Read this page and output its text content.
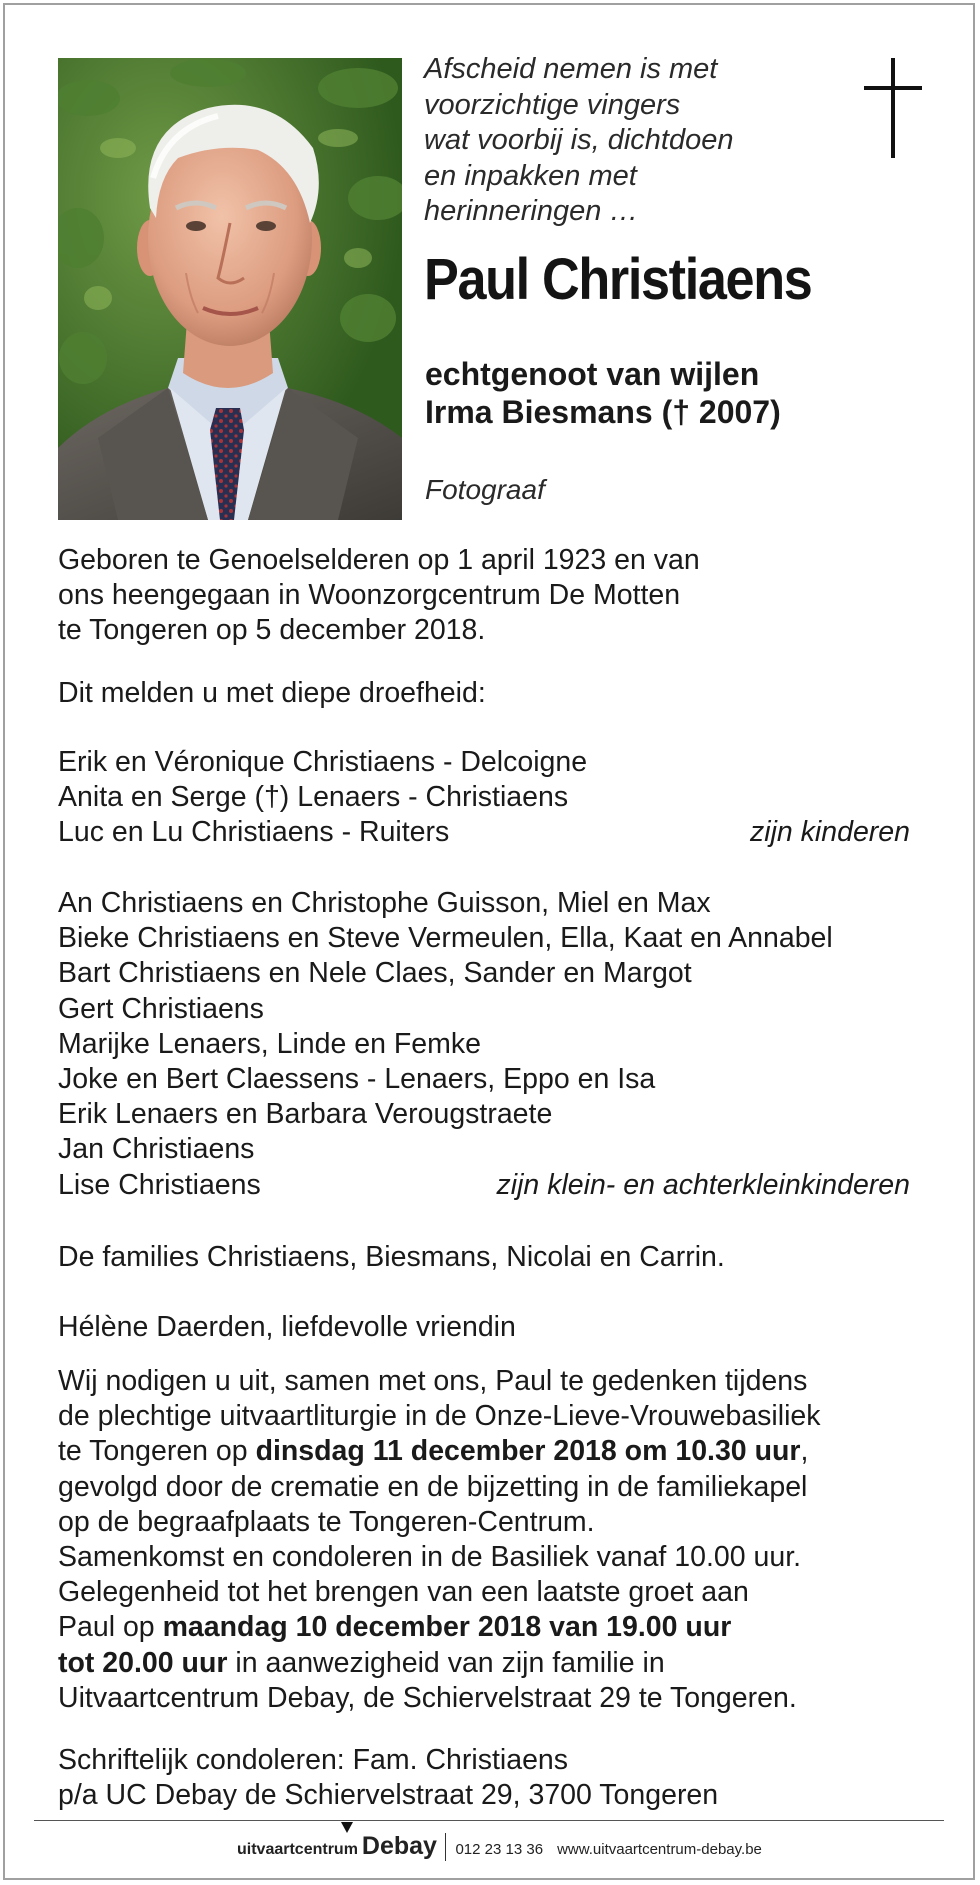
Afscheid nemen is met
voorzichtige vingers
wat voorbij is, dichtdoen
en inpakken met
herinneringen …
Paul Christiaens
echtgenoot van wijlen
Irma Biesmans († 2007)
Fotograaf
Geboren te Genoelselderen op 1 april 1923 en van
ons heengegaan in Woonzorgcentrum De Motten
te Tongeren op 5 december 2018.
Dit melden u met diepe droefheid:
Erik en Véronique Christiaens - Delcoigne
Anita en Serge (†) Lenaers - Christiaens
Luc en Lu Christiaens - Ruiters	zijn kinderen
An Christiaens en Christophe Guisson, Miel en Max
Bieke Christiaens en Steve Vermeulen, Ella, Kaat en Annabel
Bart Christiaens en Nele Claes, Sander en Margot
Gert Christiaens
Marijke Lenaers, Linde en Femke
Joke en Bert Claessens - Lenaers, Eppo en Isa
Erik Lenaers en Barbara Verougstraete
Jan Christiaens
Lise Christiaens	zijn klein- en achterkleinkinderen
De families Christiaens, Biesmans, Nicolai en Carrin.
Hélène Daerden, liefdevolle vriendin
Wij nodigen u uit, samen met ons, Paul te gedenken tijdens
de plechtige uitvaartliturgie in de Onze-Lieve-Vrouwebasiliek
te Tongeren op dinsdag 11 december 2018 om 10.30 uur,
gevolgd door de crematie en de bijzetting in de familiekapel
op de begraafplaats te Tongeren-Centrum.
Samenkomst en condoleren in de Basiliek vanaf 10.00 uur.
Gelegenheid tot het brengen van een laatste groet aan
Paul op maandag 10 december 2018 van 19.00 uur
tot 20.00 uur in aanwezigheid van zijn familie in
Uitvaartcentrum Debay, de Schiervelstraat 29 te Tongeren.
Schriftelijk condoleren: Fam. Christiaens
p/a UC Debay de Schiervelstraat 29, 3700 Tongeren
uitvaartcentrum Debay 012 23 13 36 www.uitvaartcentrum-debay.be
